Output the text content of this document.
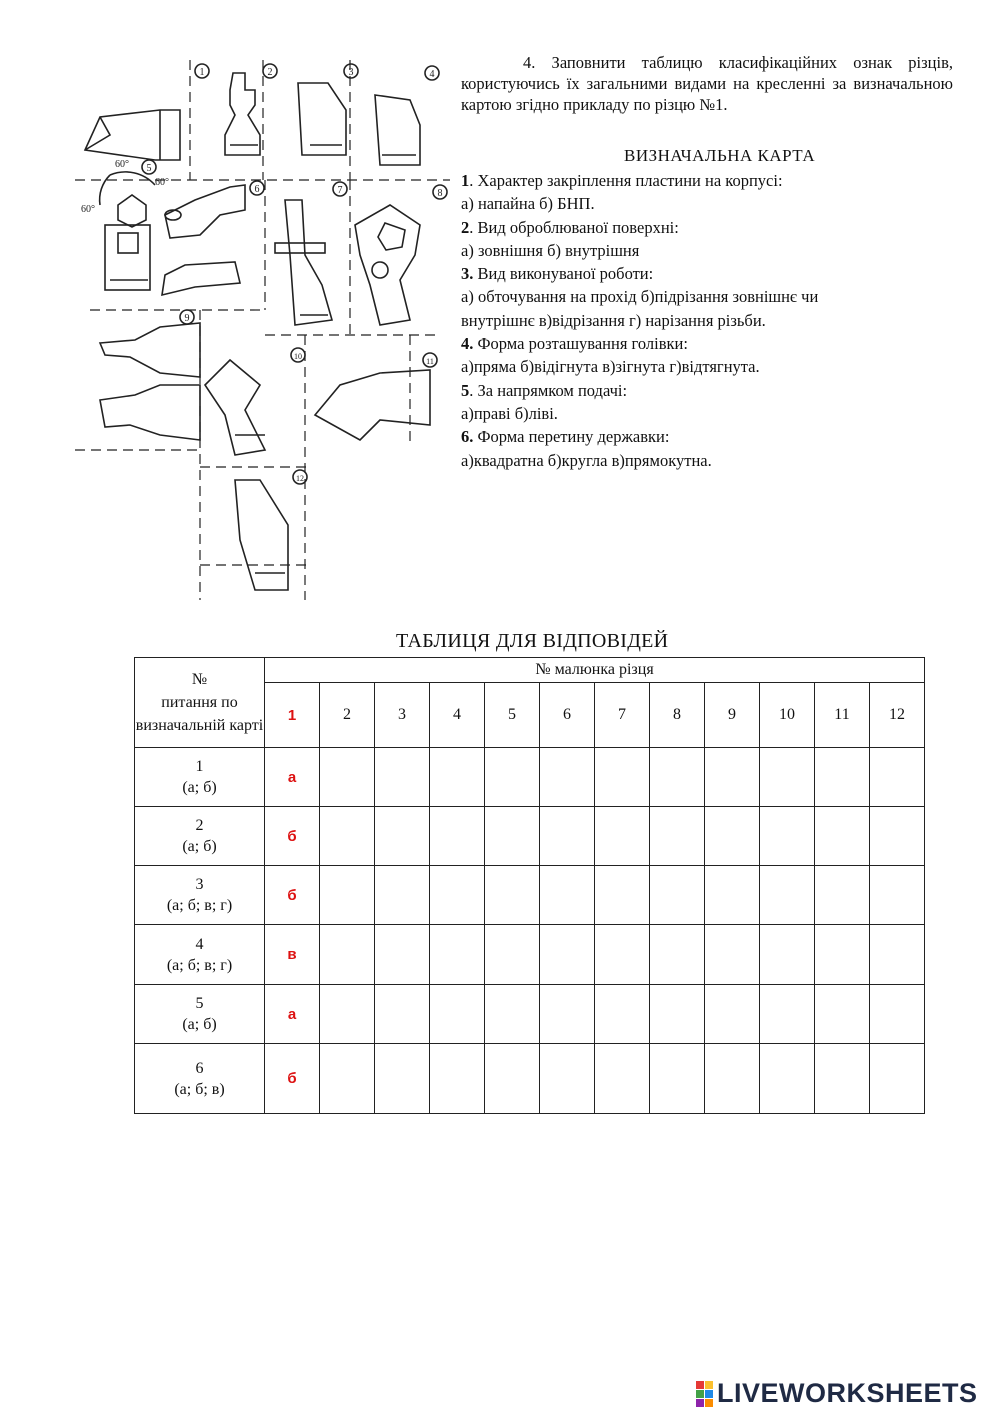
1	2	3	4
5
6	7	8
9
10
11
12
60°
60°
60°

4. Заповнити таблицю класифікаційних ознак різців, користуючись їх загальними видами на кресленні за визначальною картою згідно прикладу по різцю №1.

ВИЗНАЧАЛЬНА КАРТА
1. Характер закріплення пластини на корпусі:
а) напайна б) БНП.
2. Вид оброблюваної поверхні:
а) зовнішня б) внутрішня
3. Вид виконуваної роботи:
а) обточування на прохід б)підрізання зовнішнє чи
внутрішнє в)відрізання г) нарізання різьби.
4. Форма розташування голівки:
а)пряма б)відігнута в)зігнута г)відтягнута.
5. За напрямком подачі:
а)праві б)ліві.
6. Форма перетину державки:
а)квадратна б)кругла в)прямокутна.
ТАБЛИЦЯ ДЛЯ ВІДПОВІДЕЙ
№
питання по визначальній карті	№ малюнка різця											
	1	2	3	4	5	6	7	8	9	10	11	12

1
(а; б)	а											

2
(а; б)	б											

3
(а; б; в; г)	б											

4
(а; б; в; г)	в											

5
(а; б)	а											

6
(а; б; в)	б											
LIVEWORKSHEETS
